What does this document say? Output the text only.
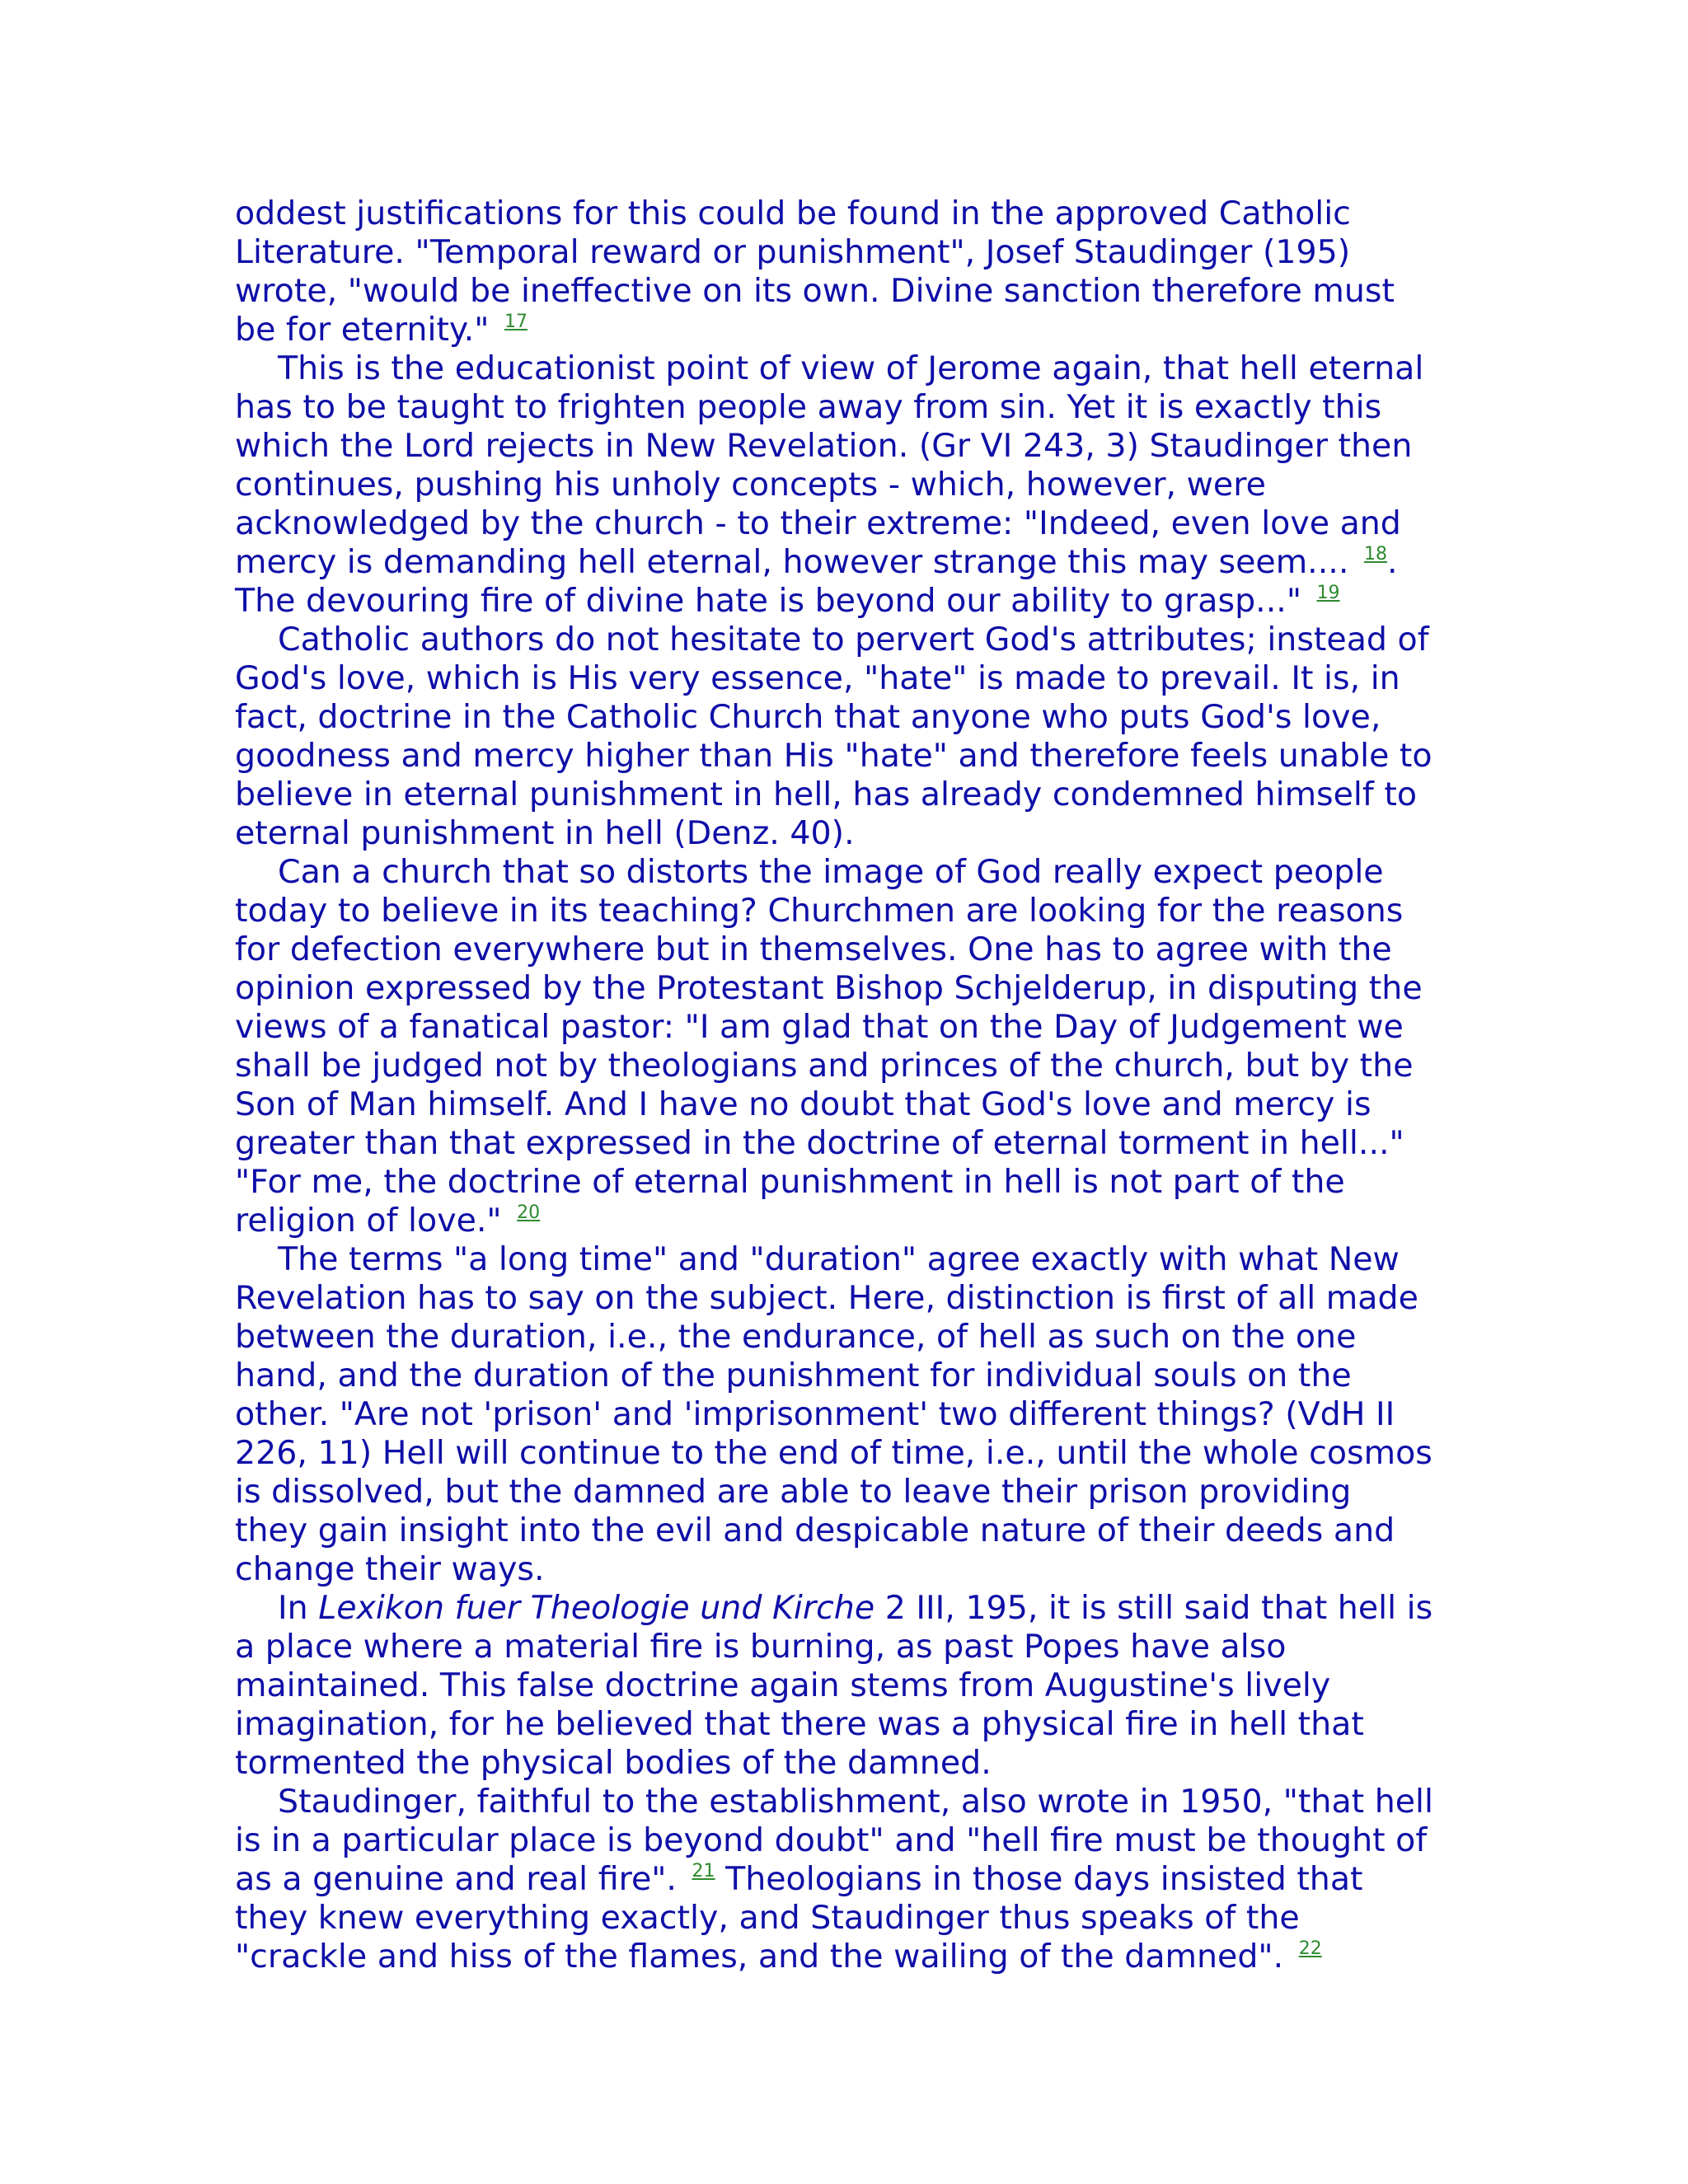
oddest justifications for this could be found in the approved Catholic
Literature. "Temporal reward or punishment", Josef Staudinger (195)
wrote, "would be ineffective on its own. Divine sanction therefore must
be for eternity." $^{17}$
This is the educationist point of view of Jerome again, that hell eternal
has to be taught to frighten people away from sin. Yet it is exactly this
which the Lord rejects in New Revelation. (Gr VI 243, 3) Staudinger then
continues, pushing his unholy concepts - which, however, were
acknowledged by the church - to their extreme: "Indeed, even love and
mercy is demanding hell eternal, however strange this may seem.... $^{18}$.
The devouring fire of divine hate is beyond our ability to grasp..." $^{19}$
Catholic authors do not hesitate to pervert God's attributes; instead of
God's love, which is His very essence, "hate" is made to prevail. It is, in
fact, doctrine in the Catholic Church that anyone who puts God's love,
goodness and mercy higher than His "hate" and therefore feels unable to
believe in eternal punishment in hell, has already condemned himself to
eternal punishment in hell (Denz. 40).
Can a church that so distorts the image of God really expect people
today to believe in its teaching? Churchmen are looking for the reasons
for defection everywhere but in themselves. One has to agree with the
opinion expressed by the Protestant Bishop Schjelderup, in disputing the
views of a fanatical pastor: "I am glad that on the Day of Judgement we
shall be judged not by theologians and princes of the church, but by the
Son of Man himself. And I have no doubt that God's love and mercy is
greater than that expressed in the doctrine of eternal torment in hell..."
"For me, the doctrine of eternal punishment in hell is not part of the
religion of love." $^{20}$
The terms "a long time" and "duration" agree exactly with what New
Revelation has to say on the subject. Here, distinction is first of all made
between the duration, i.e., the endurance, of hell as such on the one
hand, and the duration of the punishment for individual souls on the
other. "Are not 'prison' and 'imprisonment' two different things? (VdH II
226, 11) Hell will continue to the end of time, i.e., until the whole cosmos
is dissolved, but the damned are able to leave their prison providing
they gain insight into the evil and despicable nature of their deeds and
change their ways.
In Lexikon fuer Theologie und Kirche 2 III, 195, it is still said that hell is
a place where a material fire is burning, as past Popes have also
maintained. This false doctrine again stems from Augustine's lively
imagination, for he believed that there was a physical fire in hell that
tormented the physical bodies of the damned.
Staudinger, faithful to the establishment, also wrote in 1950, "that hell
is in a particular place is beyond doubt" and "hell fire must be thought of
as a genuine and real fire". $^{21}$ Theologians in those days insisted that
they knew everything exactly, and Staudinger thus speaks of the
"crackle and hiss of the flames, and the wailing of the damned". $^{22}$
